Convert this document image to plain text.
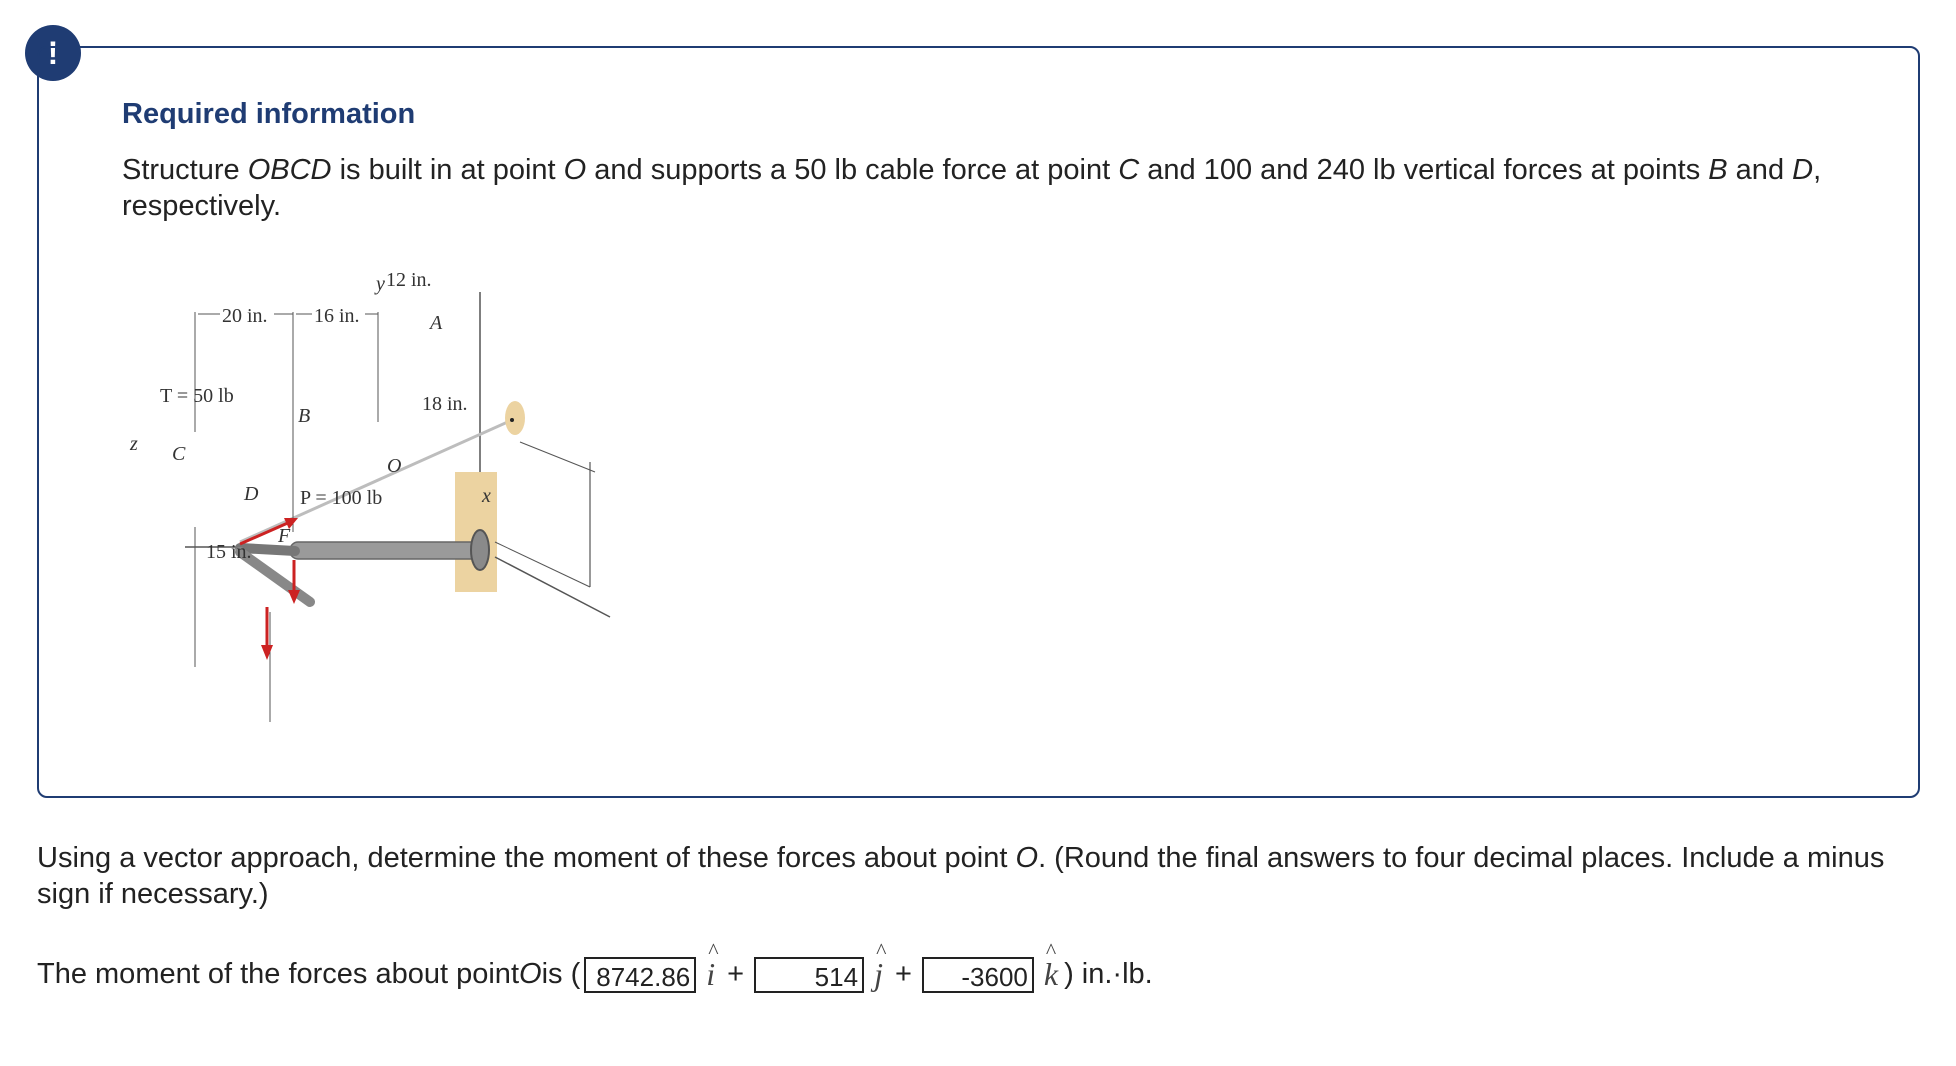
!
Required information

Structure OBCD is built in at point O and supports a 50 lb cable force at point C and 100 and 240 lb vertical forces at points B and D, respectively.

y 12 in.
20 in. 16 in.	A
T = 50 lb	18 in.
B
z C
O
D P = 100 lb	x
F
15 in.

Using a vector approach, determine the moment of these forces about point O. (Round the final answers to four decimal places. Include a minus sign if necessary.)

The moment of the forces about point O is ( 8742.86
^
i +	514
^
j +	-3600
^
k ) in.·lb.
